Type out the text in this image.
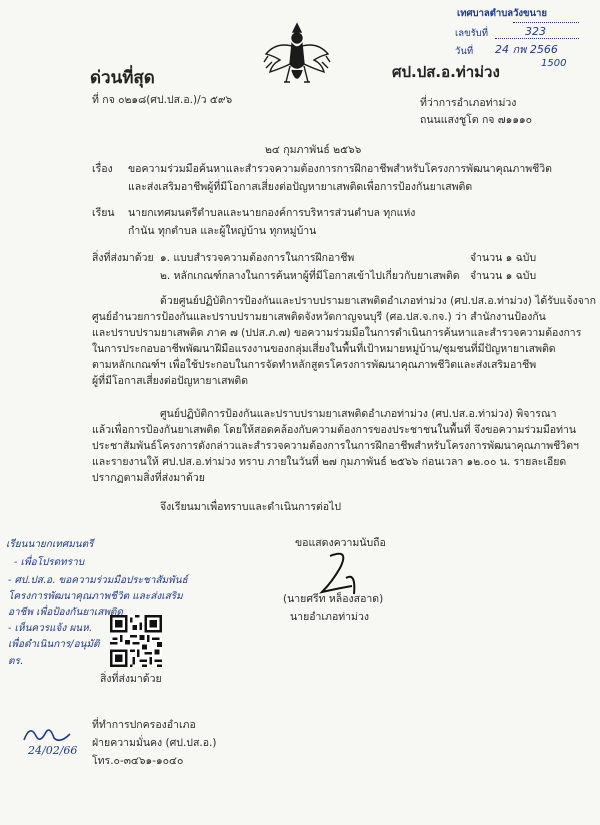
เทศบาลตำบลวังขนาย
เลขรับที่	323
วันที่ 24 กพ 2566
1500
ด่วนที่สุด
ที่ กจ ๐๒๑๘(ศป.ปส.อ.)/ว ๕๙๖
ศป.ปส.อ.ท่าม่วง
ที่ว่าการอำเภอท่าม่วง
ถนนแสงชูโต กจ ๗๑๑๑๐
๒๔ กุมภาพันธ์ ๒๕๖๖
เรื่อง ขอความร่วมมือค้นหาและสำรวจความต้องการการฝึกอาชีพสำหรับโครงการพัฒนาคุณภาพชีวิต
และส่งเสริมอาชีพผู้ที่มีโอกาสเสี่ยงต่อปัญหายาเสพติดเพื่อการป้องกันยาเสพติด
เรียน นายกเทศมนตรีตำบลและนายกองค์การบริหารส่วนตำบล ทุกแห่ง
กำนัน ทุกตำบล และผู้ใหญ่บ้าน ทุกหมู่บ้าน
สิ่งที่ส่งมาด้วย ๑. แบบสำรวจความต้องการในการฝึกอาชีพ	จำนวน ๑ ฉบับ
๒. หลักเกณฑ์กลางในการค้นหาผู้ที่มีโอกาสเข้าไปเกี่ยวกับยาเสพติด จำนวน ๑ ฉบับ
ด้วยศูนย์ปฏิบัติการป้องกันและปราบปรามยาเสพติดอำเภอท่าม่วง (ศป.ปส.อ.ท่าม่วง) ได้รับแจ้งจาก
ศูนย์อำนวยการป้องกันและปราบปรามยาเสพติดจังหวัดกาญจนบุรี (ศอ.ปส.จ.กจ.) ว่า สำนักงานป้องกัน
และปราบปรามยาเสพติด ภาค ๗ (ปปส.ภ.๗) ขอความร่วมมือในการดำเนินการค้นหาและสำรวจความต้องการ
ในการประกอบอาชีพพัฒนาฝีมือแรงงานของกลุ่มเสี่ยงในพื้นที่เป้าหมายหมู่บ้าน/ชุมชนที่มีปัญหายาเสพติด
ตามหลักเกณฑ์ฯ เพื่อใช้ประกอบในการจัดทำหลักสูตรโครงการพัฒนาคุณภาพชีวิตและส่งเสริมอาชีพ
ผู้ที่มีโอกาสเสี่ยงต่อปัญหายาเสพติด
ศูนย์ปฏิบัติการป้องกันและปราบปรามยาเสพติดอำเภอท่าม่วง (ศป.ปส.อ.ท่าม่วง) พิจารณา
แล้วเพื่อการป้องกันยาเสพติด โดยให้สอดคล้องกับความต้องการของประชาชนในพื้นที่ จึงขอความร่วมมือท่าน
ประชาสัมพันธ์โครงการดังกล่าวและสำรวจความต้องการในการฝึกอาชีพสำหรับโครงการพัฒนาคุณภาพชีวิตฯ
และรายงานให้ ศป.ปส.อ.ท่าม่วง ทราบ ภายในวันที่ ๒๗ กุมภาพันธ์ ๒๕๖๖ ก่อนเวลา ๑๒.๐๐ น. รายละเอียด
ปรากฏตามสิ่งที่ส่งมาด้วย
จึงเรียนมาเพื่อทราบและดำเนินการต่อไป
ขอแสดงความนับถือ
(นายศรีท หล็องสอาด)
นายอำเภอท่าม่วง
สิ่งที่ส่งมาด้วย
ที่ทำการปกครองอำเภอ
ฝ่ายความมั่นคง (ศป.ปส.อ.)
โทร.๐-๓๔๖๑-๑๐๔๐
เรียนนายกเทศมนตรี
- เพื่อโปรดทราบ
- ศป.ปส.อ. ขอความร่วมมือประชาสัมพันธ์
โครงการพัฒนาคุณภาพชีวิต และส่งเสริม
อาชีพ เพื่อป้องกันยาเสพติด
- เห็นควรแจ้ง ผนห.
เพื่อดำเนินการ/อนุมัติ
ตร.
24/02/66
